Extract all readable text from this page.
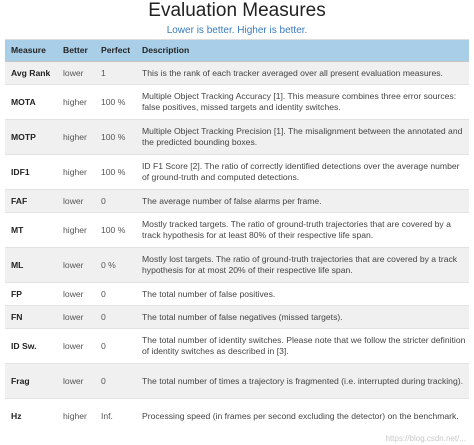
Evaluation Measures
Lower is better. Higher is better.
Measure	Better	Perfect	Description
Avg Rank	lower	1	This is the rank of each tracker averaged over all present evaluation measures.
MOTA	higher	100 %	Multiple Object Tracking Accuracy [1]. This measure combines three error sources: false positives, missed targets and identity switches.
MOTP	higher	100 %	Multiple Object Tracking Precision [1]. The misalignment between the annotated and the predicted bounding boxes.
IDF1	higher	100 %	ID F1 Score [2]. The ratio of correctly identified detections over the average number of ground-truth and computed detections.
FAF	lower	0	The average number of false alarms per frame.
MT	higher	100 %	Mostly tracked targets. The ratio of ground-truth trajectories that are covered by a track hypothesis for at least 80% of their respective life span.
ML	lower	0 %	Mostly lost targets. The ratio of ground-truth trajectories that are covered by a track hypothesis for at most 20% of their respective life span.
FP	lower	0	The total number of false positives.
FN	lower	0	The total number of false negatives (missed targets).
ID Sw.	lower	0	The total number of identity switches. Please note that we follow the stricter definition of identity switches as described in [3].
Frag	lower	0	The total number of times a trajectory is fragmented (i.e. interrupted during tracking).
Hz	higher	Inf.	Processing speed (in frames per second excluding the detector) on the benchmark.
https://blog.csdn.net/...
